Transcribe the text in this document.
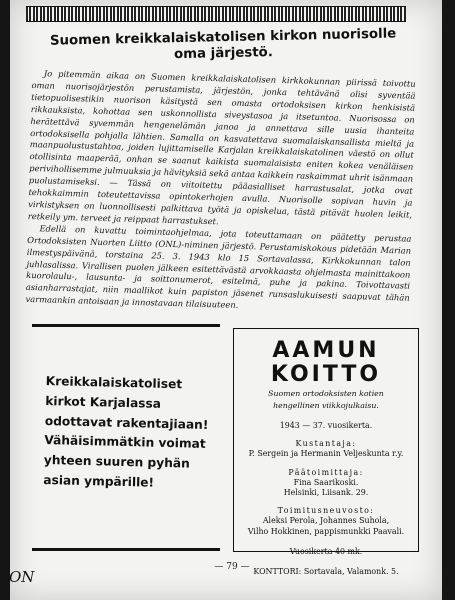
Suomen kreikkalaiskatolisen kirkon nuorisolle
oma järjestö.

Jo pitemmän aikaa on Suomen kreikkalaiskatolisen kirkkokunnan piirissä toivottu oman nuorisojärjestön perustamista, järjestön, jonka tehtävänä olisi syventää tietopuolisestikin nuorison käsitystä sen omasta ortodoksisen kirkon henkisistä rikkauksista, kohottaa sen uskonnollista siveystasoa ja itsetuntoa. Nuorisossa on herätettävä syvemmän hengenelämän janoa ja annettava sille uusia ihanteita ortodoksisella pohjalla lähtien. Samalla on kasvatettava suomalaiskansallista mieltä ja maanpuolustustahtoa, joiden lujittamiselle Karjalan kreikkalaiskatolinen väestö on ollut otollisinta maaperää, onhan se saanut kaikista suomalaisista eniten kokea venäläisen perivihollisemme julmuuksia ja hävityksiä sekä antaa kaikkein raskaimmat uhrit isänmaan puolustamiseksi. — Tässä on viitoitettu pääasialliset harrastusalat, jotka ovat tehokkaimmin toteutettavissa opintokerhojen avulla. Nuorisolle sopivan huvin ja virkistyksen on luonnollisesti palkittava työtä ja opiskelua, tästä pitävät huolen leikit, retkeily ym. terveet ja reippaat harrastukset.

Edellä on kuvattu toimintaohjelmaa, jota toteuttamaan on päätetty perustaa Ortodoksisten Nuorten Liitto (ONL)-niminen järjestö. Perustamiskokous pidetään Marian ilmestyspäivänä, torstaina 25. 3. 1943 klo 15 Sortavalassa, Kirkkokunnan talon juhlasalissa. Virallisen puolen jälkeen esitettävästä arvokkaasta ohjelmasta mainittakoon kuorolaulu-, lausunta- ja soittonumerot, esitelmä, puhe ja pakina. Toivottavasti asianharrastajat, niin maallikot kuin papiston jäsenet runsaslukuisesti saapuvat tähän varmaankin antoisaan ja innostavaan tilaisuuteen.

Kreikkalaiskatoliset kirkot Karjalassa odottavat rakentajiaan! Vähäisimmätkin voimat yhteen suuren pyhän asian ympärille!
AAMUN KOITTO
Suomen ortodoksisten kotien
hengellinen viikkojulkaisu.
1943 — 37. vuosikerta.
Kustantaja:
P. Sergein ja Hermanin Veljeskunta r.y.
Päätoimittaja:
Fina Saarikoski.
Helsinki, Liisank. 29.
Toimitusneuvosto:
Aleksi Perola, Johannes Suhola,
Vilho Hokkinen, pappismunkki Paavali.
Vuosikerta 40 mk.
KONTTORI: Sortavala, Valamonk. 5.
— 79 —
ON
